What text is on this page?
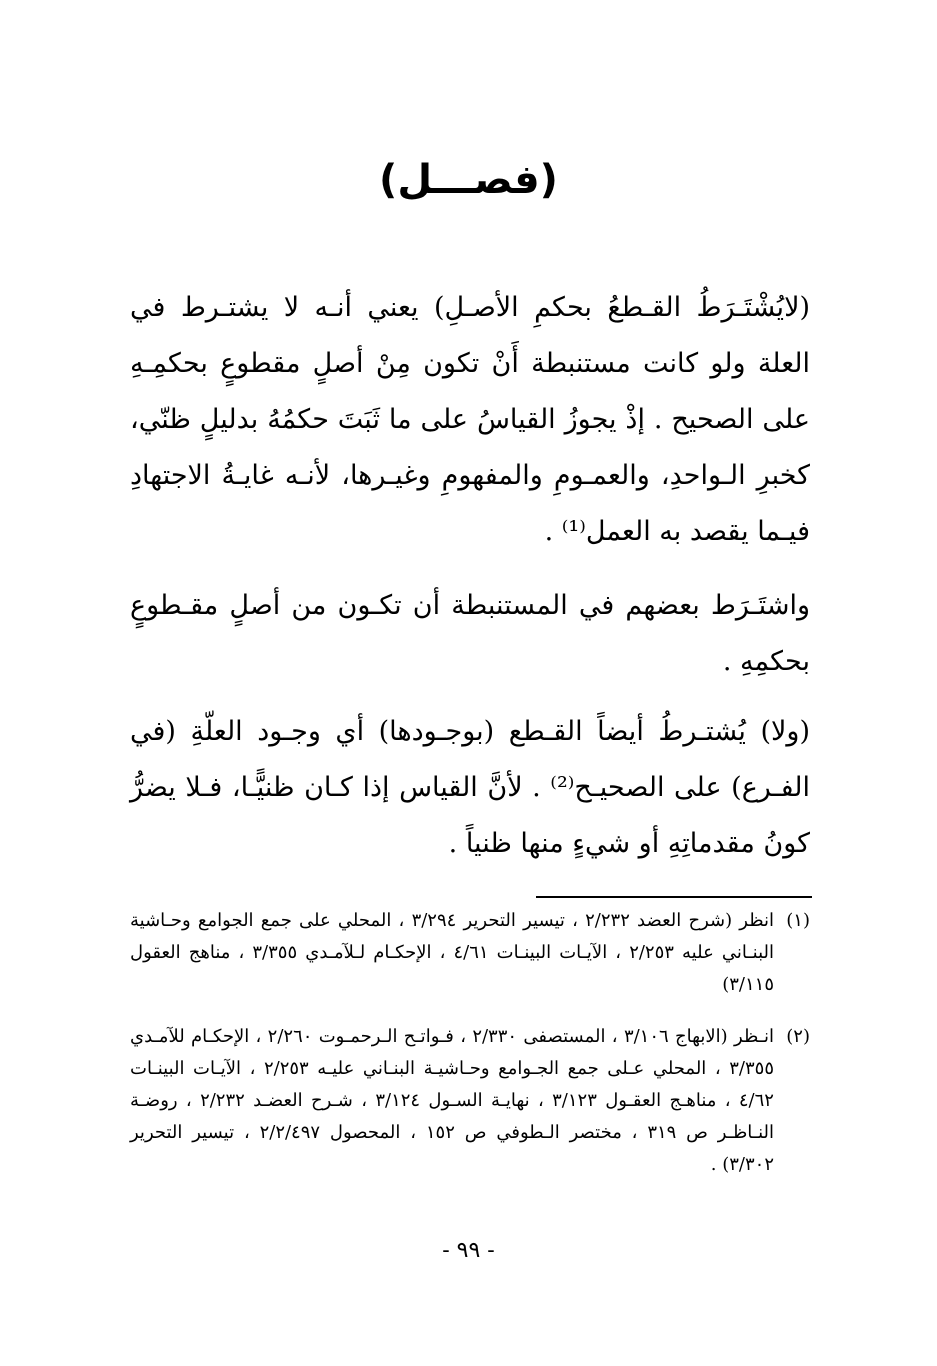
(فصـــل)

(لايُشْتَـرَطُ القـطعُ بحكمِ الأصـلِ) يعني أنـه لا يشتـرط في العلة ولو كانت مستنبطة أَنْ تكون مِنْ أصلٍ مقطوعٍ بحكمِـهِ على الصحيح . إذْ يجوزُ القياسُ على ما ثَبَتَ حكمُهُ بدليلٍ ظنّي، كخبرِ الـواحدِ، والعمـومِ والمفهومِ وغيـرها، لأنـه غايـةُ الاجتهادِ فيـما يقصد به العمل⁽¹⁾ .

واشتَـرَط بعضهم في المستنبطة أن تكـون من أصلٍ مقـطوعٍ بحكمِهِ .

(ولا) يُشتـرطُ أيضاً القـطع (بوجـودها) أي وجـود العلّةِ (في الفـرع) على الصحيـح⁽²⁾ . لأنَّ القياس إذا كـان ظنيًّـا، فـلا يضرُّ كونُ مقدماتِهِ أو شيءٍ منها ظنياً .

(١)
انظر (شرح العضد ٢/٢٣٢ ، تيسير التحرير ٣/٢٩٤ ، المحلي على جمع الجوامع وحـاشية البنـاني عليه ٢/٢٥٣ ، الآيـات البينـات ٤/٦١ ، الإحكـام لـلآمـدي ٣/٣٥٥ ، مناهج العقول ٣/١١٥)
(٢)
انـظر (الابهاج ٣/١٠٦ ، المستصفى ٢/٣٣٠ ، فـواتـح الـرحمـوت ٢/٢٦٠ ، الإحكـام للآمـدي ٣/٣٥٥ ، المحلي عـلى جمع الجـوامع وحـاشيـة البنـاني عليـه ٢/٢٥٣ ، الآيـات البينـات ٤/٦٢ ، مناهـج العقـول ٣/١٢٣ ، نهايـة السـول ٣/١٢٤ ، شـرح العضـد ٢/٢٣٢ ، روضـة النـاظـر ص ٣١٩ ، مختصر الـطوفي ص ١٥٢ ، المحصول ٢/٢/٤٩٧ ، تيسير التحرير ٣/٣٠٢) .
- ٩٩ -
